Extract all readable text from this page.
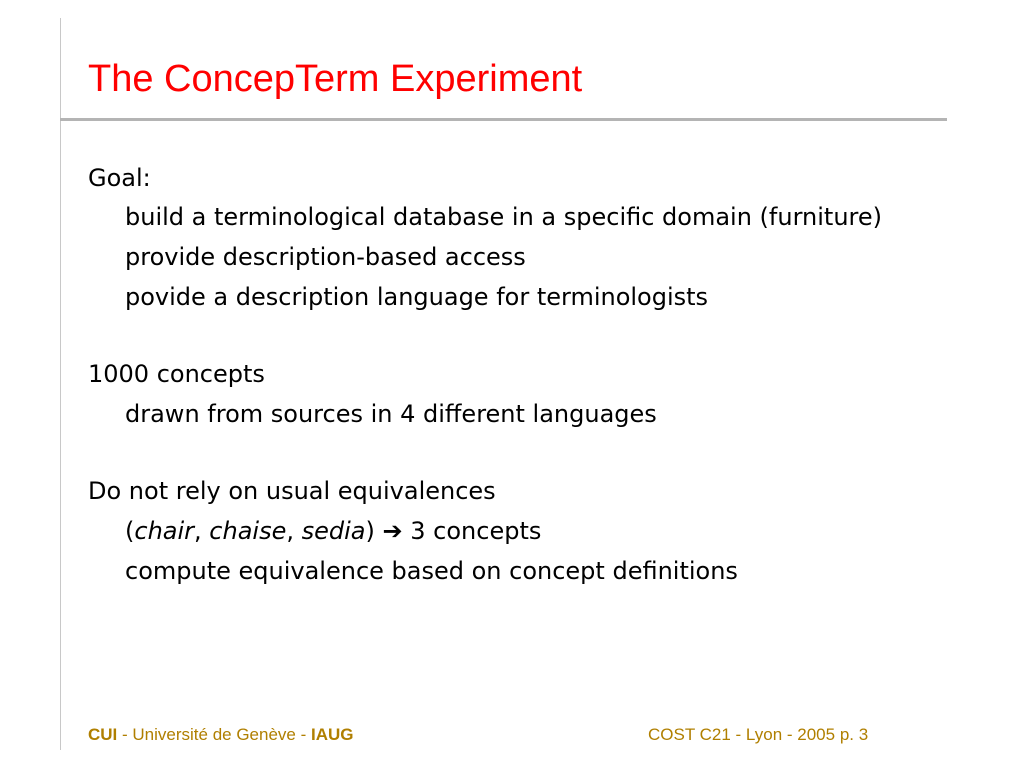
The ConcepTerm Experiment

Goal:

build a terminological database in a specific domain (furniture)
provide description-based access
povide a description language for terminologists

1000 concepts

drawn from sources in 4 different languages

Do not rely on usual equivalences

(chair, chaise, sedia) ➔ 3 concepts
compute equivalence based on concept definitions
CUI - Université de Genève - IAUG	COST C21 - Lyon - 2005 p. 3
